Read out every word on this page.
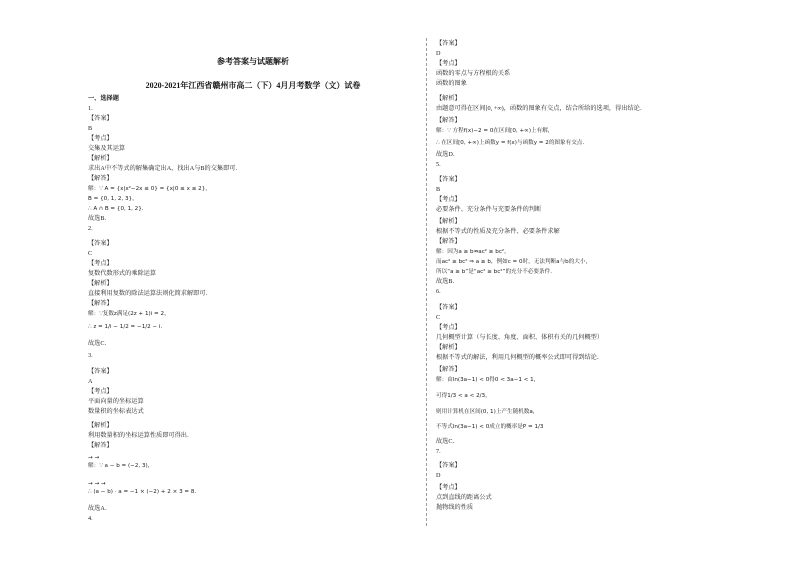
参考答案与试题解析
2020-2021年江西省赣州市高二（下）4月月考数学（文）试卷
一、选择题
1.
【答案】
B
【考点】
交集及其运算
【解析】
求出A中不等式的解集确定出A，找出A与B的交集即可．
【解答】
解：∵ A = {x|x²−2x ≤ 0} = {x|0 ≤ x ≤ 2}，
B = {0, 1, 2, 3}，
∴ A ∩ B = {0, 1, 2}．
故选B．
2.
【答案】
C
【考点】
复数代数形式的乘除运算
【解析】
直接利用复数的除法运算法则化简求解即可．
【解答】
解：∵复数z满足(2z + 1)i = 2，
∴ z = 1/i − 1/2 = −1/2 − i．
故选C．
3.
【答案】
A
【考点】
平面向量的坐标运算
数量积的坐标表达式
【解析】
利用数量积的坐标运算性质即可得出．
【解答】
→ →
解：∵ a − b = (−2, 3)，
→ → →
∴ (a − b) · a = −1 × (−2) + 2 × 3 = 8．
故选A．
4.
【答案】
D
【考点】
函数的零点与方程根的关系
函数的图象
【解析】
由题意可得在区间[0, +∞)，函数的图象有交点，结合所给的选项，得出结论．
【解答】
解：∵ 方程f(x)−2 = 0在区间[0, +∞)上有解，
∴ 在区间[0, +∞)上函数y = f(x)与函数y = 2的图象有交点．
故选D．
5.
【答案】
B
【考点】
必要条件、充分条件与充要条件的判断
【解析】
根据不等式的性质及充分条件、必要条件求解
【解答】
解：因为a ≥ b⇏ac² ≥ bc²，
而ac² ≥ bc² ⇒ a ≥ b，例如c = 0时，无法判断a与b的大小，
所以“a ≥ b”是“ac² ≥ bc²”的充分不必要条件．
故选B．
6.
【答案】
C
【考点】
几何概型计算（与长度、角度、面积、体积有关的几何概型）
【解析】
根据不等式的解法，利用几何概型的概率公式即可得到结论．
【解答】
解：由ln(3a−1) < 0得0 < 3a−1 < 1，
可得1/3 < a < 2/3，
则用计算机在区间(0, 1)上产生随机数a，
不等式ln(3a−1) < 0成立的概率是P = 1/3
故选C．
7.
【答案】
D
【考点】
点到直线的距离公式
抛物线的性质
